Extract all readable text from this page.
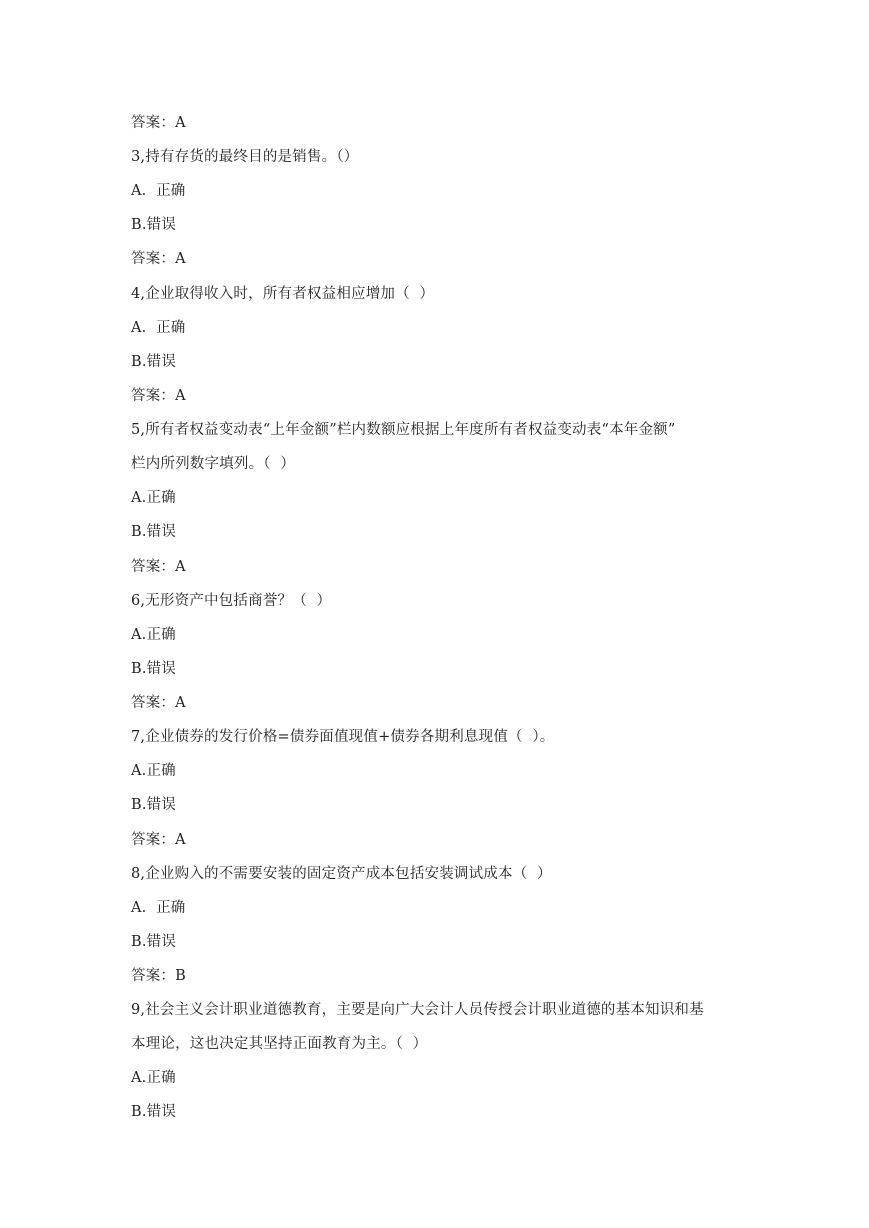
答案：A
3,持有存货的最终目的是销售。（）
A.  正确
B.错误
答案：A
4,企业取得收入时，所有者权益相应增加（  ）
A.  正确
B.错误
答案：A
5,所有者权益变动表“上年金额”栏内数额应根据上年度所有者权益变动表“本年金额”
栏内所列数字填列。（  ）
A.正确
B.错误
答案：A
6,无形资产中包括商誉？（  ）
A.正确
B.错误
答案：A
7,企业债券的发行价格=债券面值现值+债券各期利息现值（  ）。
A.正确
B.错误
答案：A
8,企业购入的不需要安装的固定资产成本包括安装调试成本（  ）
A.  正确
B.错误
答案：B
9,社会主义会计职业道德教育，主要是向广大会计人员传授会计职业道德的基本知识和基
本理论，这也决定其坚持正面教育为主。（  ）
A.正确
B.错误
